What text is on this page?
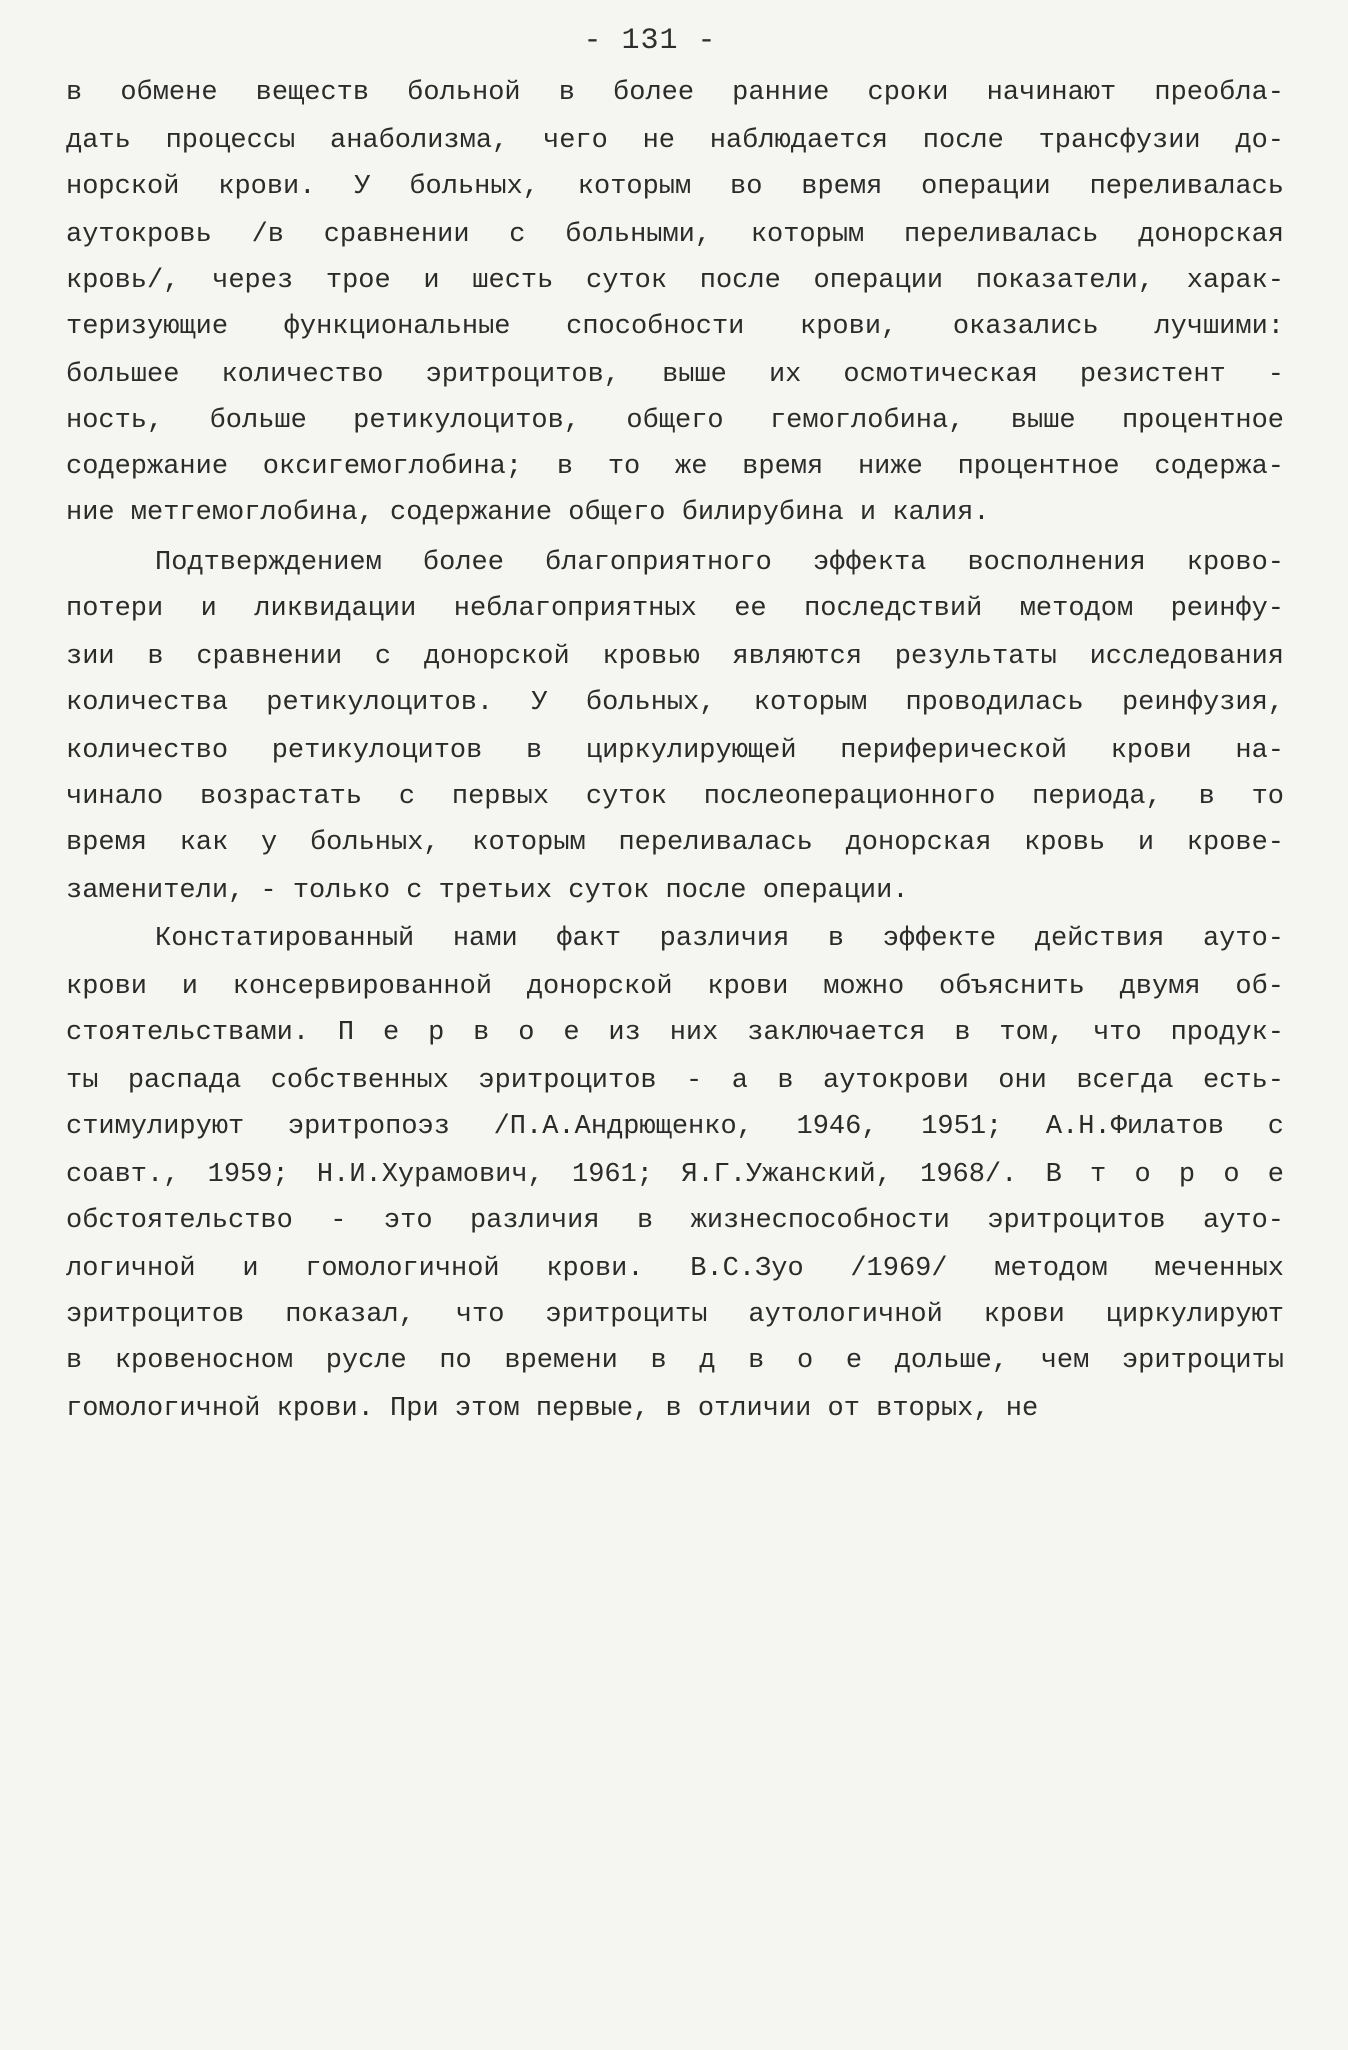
- 131 -
в обмене веществ больной в более ранние сроки начинают преобла-
дать процессы анаболизма, чего не наблюдается после трансфузии до-
норской крови. У больных, которым во время операции переливалась
аутокровь /в сравнении с больными, которым переливалась донорская
кровь/, через трое и шесть суток после операции показатели, харак-
теризующие функциональные способности крови, оказались лучшими:
большее количество эритроцитов, выше их осмотическая резистент -
ность, больше ретикулоцитов, общего гемоглобина, выше процентное
содержание оксигемоглобина; в то же время ниже процентное содержа-
ние метгемоглобина, содержание общего билирубина и калия.
Подтверждением более благоприятного эффекта восполнения крово-
потери и ликвидации неблагоприятных ее последствий методом реинфу-
зии в сравнении с донорской кровью являются результаты исследования
количества ретикулоцитов. У больных, которым проводилась реинфузия,
количество ретикулоцитов в циркулирующей периферической крови на-
чинало возрастать с первых суток послеоперационного периода, в то
время как у больных, которым переливалась донорская кровь и крове-
заменители, - только с третьих суток после операции.
Констатированный нами факт различия в эффекте действия ауто-
крови и консервированной донорской крови можно объяснить двумя об-
стоятельствами. П е р в о е из них заключается в том, что продук-
ты распада собственных эритроцитов - а в аутокрови они всегда есть-
стимулируют эритропоэз /П.А.Андрющенко, 1946, 1951; А.Н.Филатов с
соавт., 1959; Н.И.Хурамович, 1961; Я.Г.Ужанский, 1968/. В т о р о е
обстоятельство - это различия в жизнеспособности эритроцитов ауто-
логичной и гомологичной крови. В.С.Зуо /1969/ методом меченных
эритроцитов показал, что эритроциты аутологичной крови циркулируют
в кровеносном русле по времени в д в о е дольше, чем эритроциты
гомологичной крови. При этом первые, в отличии от вторых, не
